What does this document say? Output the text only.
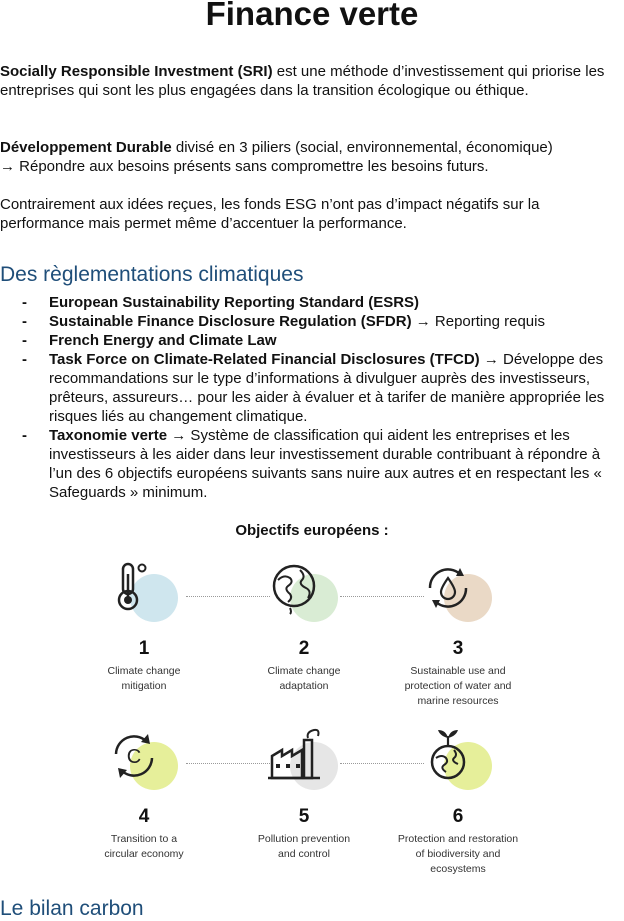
Finance verte

Socially Responsible Investment (SRI) est une méthode d’investissement qui priorise les entreprises qui sont les plus engagées dans la transition écologique ou éthique.

Développement Durable divisé en 3 piliers (social, environnemental, économique)
→ Répondre aux besoins présents sans compromettre les besoins futurs.

Contrairement aux idées reçues, les fonds ESG n’ont pas d’impact négatifs sur la performance mais permet même d’accentuer la performance.

Des règlementations climatiques
- European Sustainability Reporting Standard (ESRS)
- Sustainable Finance Disclosure Regulation (SFDR) → Reporting requis
- French Energy and Climate Law
- Task Force on Climate-Related Financial Disclosures (TFCD) → Développe des recommandations sur le type d’informations à divulguer auprès des investisseurs, prêteurs, assureurs… pour les aider à évaluer et à tarifer de manière appropriée les risques liés au changement climatique.
- Taxonomie verte → Système de classification qui aident les entreprises et les investisseurs à les aider dans leur investissement durable contribuant à répondre à l’un des 6 objectifs européens suivants sans nuire aux autres et en respectant les « Safeguards » minimum.

Objectifs européens :

1
Climate change
mitigation
2
Climate change
adaptation
3
Sustainable use and
protection of water and
marine resources
C
4
Transition to a
circular economy
5
Pollution prevention
and control
6
Protection and restoration
of biodiversity and
ecosystems
Le bilan carbon
